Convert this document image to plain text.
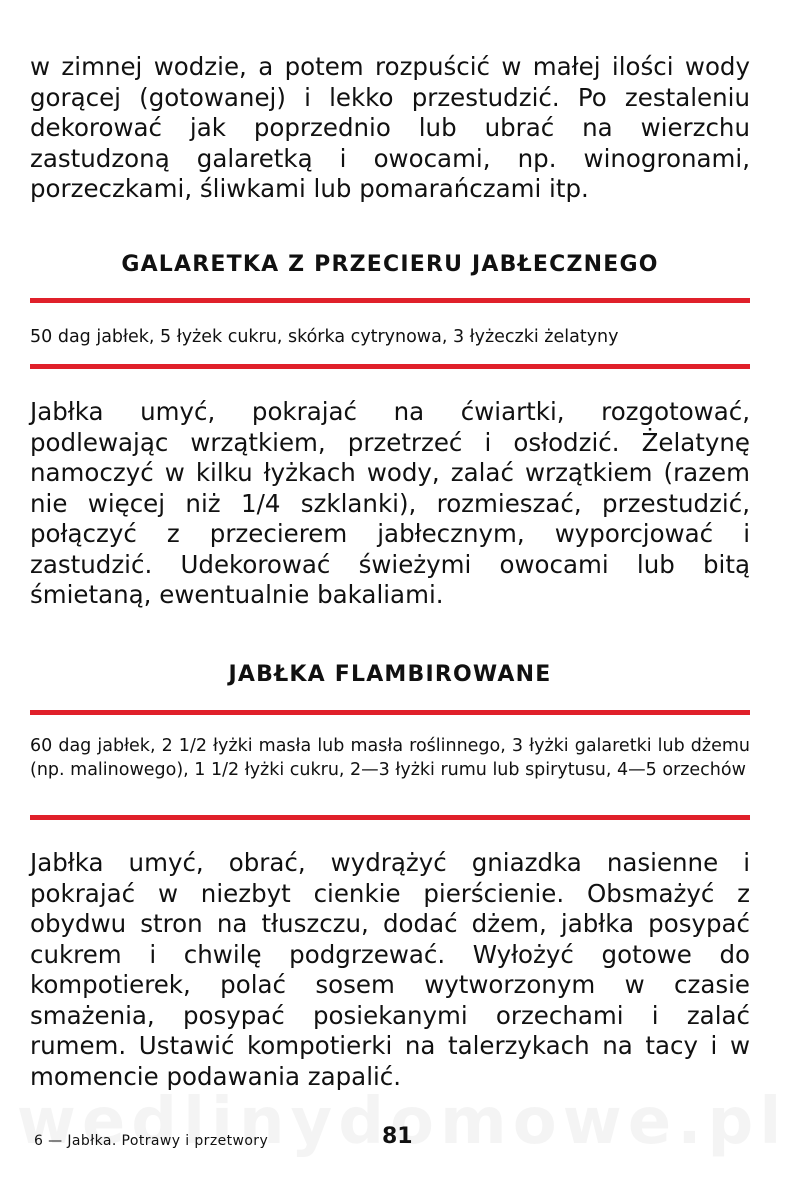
w zimnej wodzie, a potem rozpuścić w małej ilości wody gorącej (gotowanej) i lekko przestudzić. Po zestaleniu dekorować jak poprzednio lub ubrać na wierzchu zastudzoną galaretką i owocami, np. winogronami, porzeczkami, śliwkami lub pomarańczami itp.

GALARETKA Z PRZECIERU JABŁECZNEGO

50 dag jabłek, 5 łyżek cukru, skórka cytrynowa, 3 łyżeczki żelatyny

Jabłka umyć, pokrajać na ćwiartki, rozgotować, podlewając wrzątkiem, przetrzeć i osłodzić. Żelatynę namoczyć w kilku łyżkach wody, zalać wrzątkiem (razem nie więcej niż 1/4 szklanki), rozmieszać, przestudzić, połączyć z przecierem jabłecznym, wyporcjować i zastudzić. Udekorować świeżymi owocami lub bitą śmietaną, ewentualnie bakaliami.

JABŁKA FLAMBIROWANE

60 dag jabłek, 2 1/2 łyżki masła lub masła roślinnego, 3 łyżki galaretki lub dżemu (np. malinowego), 1 1/2 łyżki cukru, 2—3 łyżki rumu lub spirytusu, 4—5 orzechów

Jabłka umyć, obrać, wydrążyć gniazdka nasienne i pokrajać w niezbyt cienkie pierścienie. Obsmażyć z obydwu stron na tłuszczu, dodać dżem, jabłka posypać cukrem i chwilę podgrzewać. Wyłożyć gotowe do kompotierek, polać sosem wytworzonym w czasie smażenia, posypać posiekanymi orzechami i zalać rumem. Ustawić kompotierki na talerzykach na tacy i w momencie podawania zapalić.

6 — Jabłka. Potrawy i przetwory	81
